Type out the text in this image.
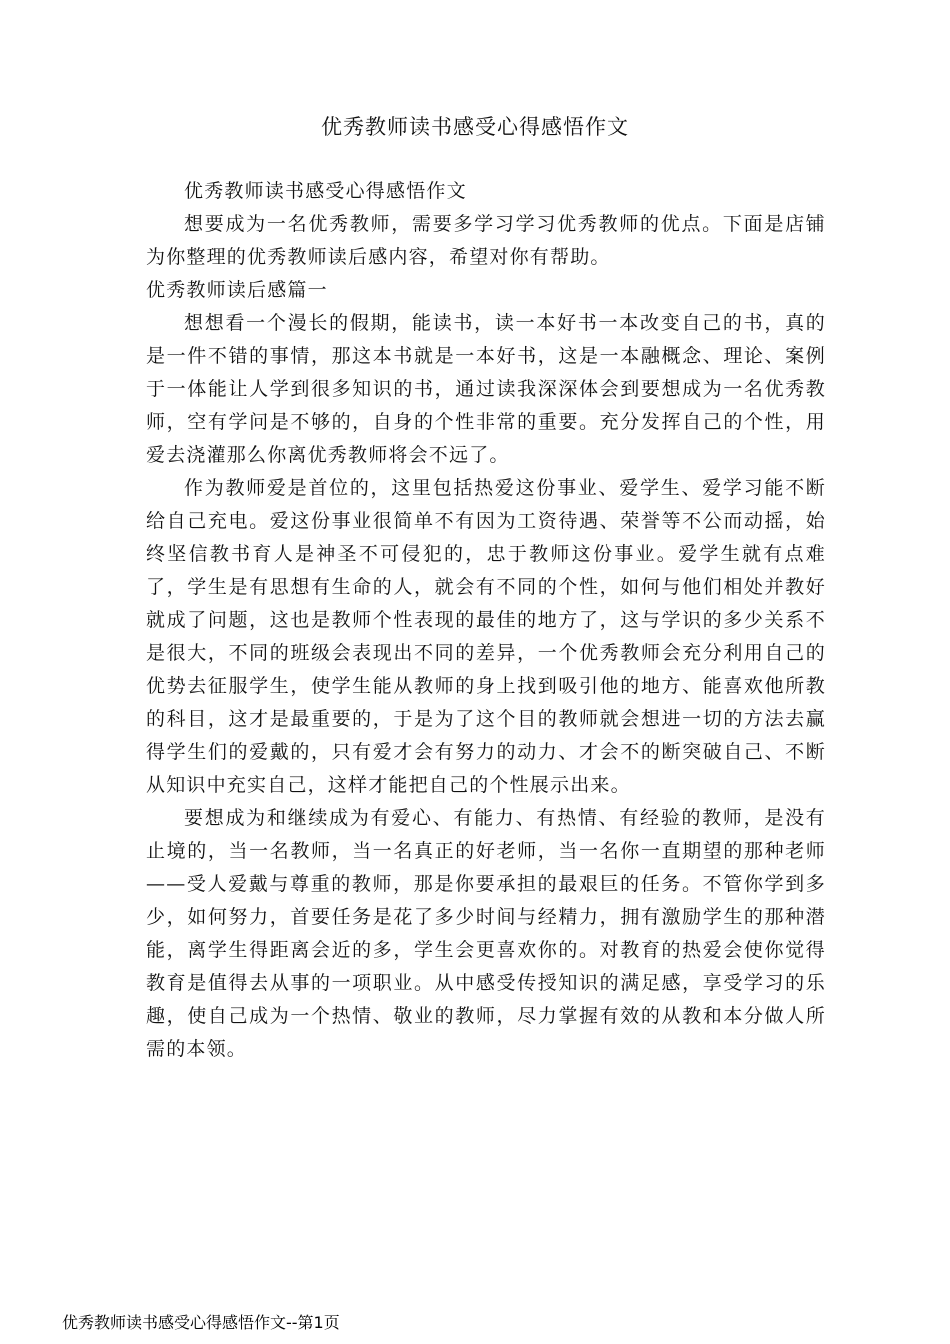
优秀教师读书感受心得感悟作文

优秀教师读书感受心得感悟作文

想要成为一名优秀教师，需要多学习学习优秀教师的优点。下面是店铺为你整理的优秀教师读后感内容，希望对你有帮助。

优秀教师读后感篇一

想想看一个漫长的假期，能读书，读一本好书一本改变自己的书，真的是一件不错的事情，那这本书就是一本好书，这是一本融概念、理论、案例于一体能让人学到很多知识的书，通过读我深深体会到要想成为一名优秀教师，空有学问是不够的，自身的个性非常的重要。充分发挥自己的个性，用爱去浇灌那么你离优秀教师将会不远了。

作为教师爱是首位的，这里包括热爱这份事业、爱学生、爱学习能不断给自己充电。爱这份事业很简单不有因为工资待遇、荣誉等不公而动摇，始终坚信教书育人是神圣不可侵犯的，忠于教师这份事业。爱学生就有点难了，学生是有思想有生命的人，就会有不同的个性，如何与他们相处并教好就成了问题，这也是教师个性表现的最佳的地方了，这与学识的多少关系不是很大，不同的班级会表现出不同的差异，一个优秀教师会充分利用自己的优势去征服学生，使学生能从教师的身上找到吸引他的地方、能喜欢他所教的科目，这才是最重要的，于是为了这个目的教师就会想进一切的方法去赢得学生们的爱戴的，只有爱才会有努力的动力、才会不的断突破自己、不断从知识中充实自己，这样才能把自己的个性展示出来。

要想成为和继续成为有爱心、有能力、有热情、有经验的教师，是没有止境的，当一名教师，当一名真正的好老师，当一名你一直期望的那种老师——受人爱戴与尊重的教师，那是你要承担的最艰巨的任务。不管你学到多少，如何努力，首要任务是花了多少时间与经精力，拥有激励学生的那种潜能，离学生得距离会近的多，学生会更喜欢你的。对教育的热爱会使你觉得教育是值得去从事的一项职业。从中感受传授知识的满足感，享受学习的乐趣，使自己成为一个热情、敬业的教师，尽力掌握有效的从教和本分做人所需的本领。

优秀教师读书感受心得感悟作文--第1页
